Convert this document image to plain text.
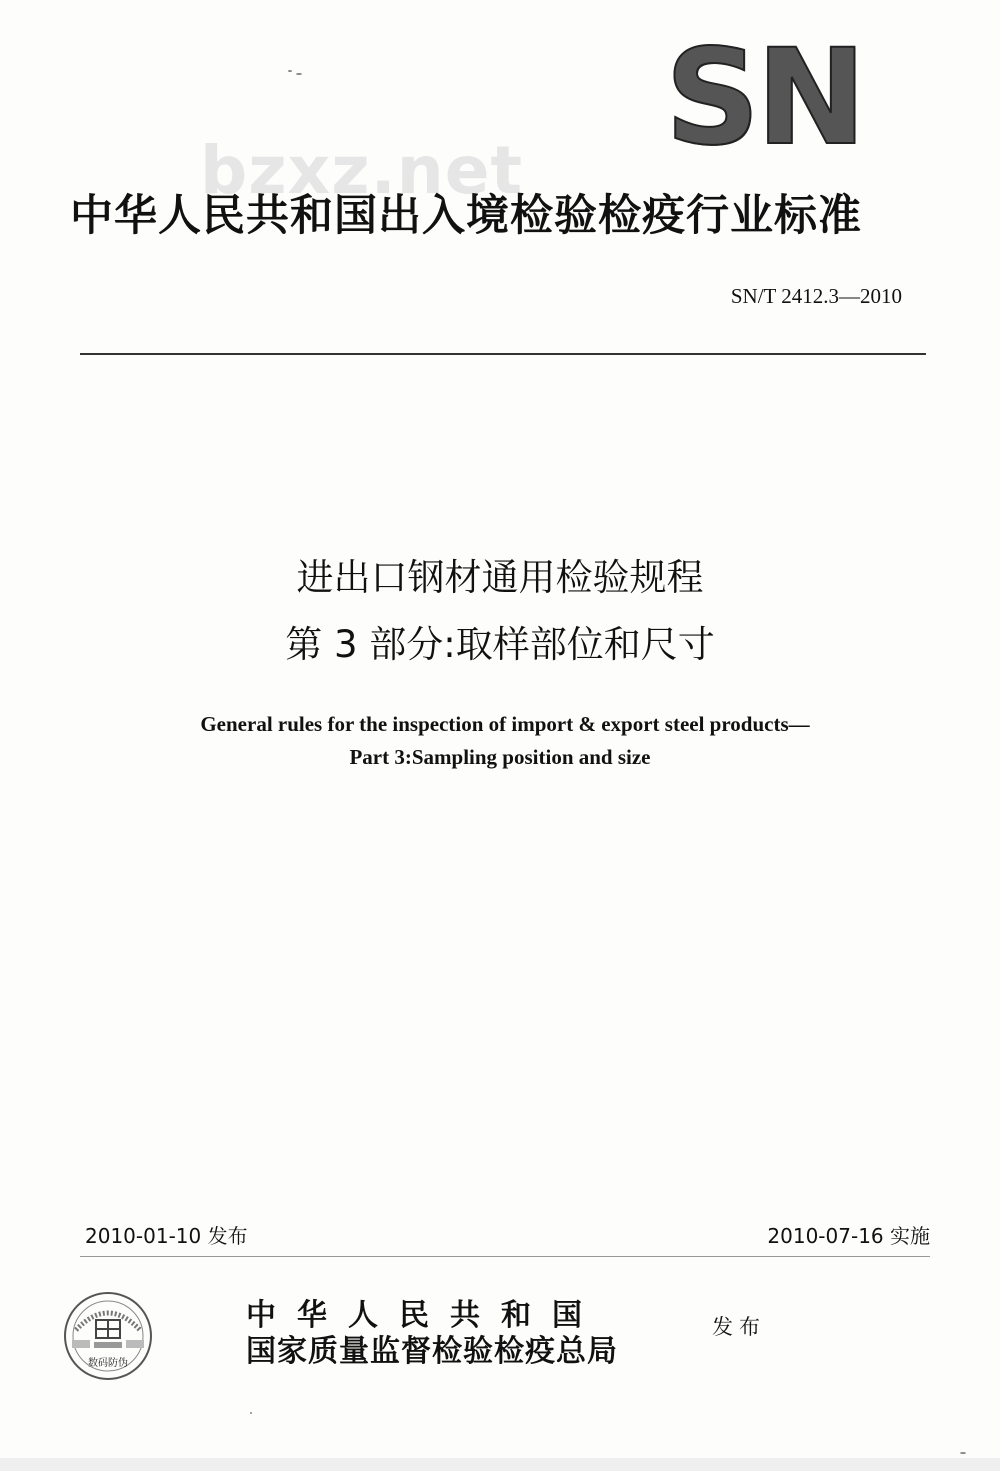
SN
bzxz.net
中华人民共和国出入境检验检疫行业标准
SN/T 2412.3—2010
进出口钢材通用检验规程
第 3 部分:取样部位和尺寸
General rules for the inspection of import & export steel products—
Part 3:Sampling position and size
2010-01-10 发布	2010-07-16 实施
数码防伪
中华人民共和国
国家质量监督检验检疫总局
发布
